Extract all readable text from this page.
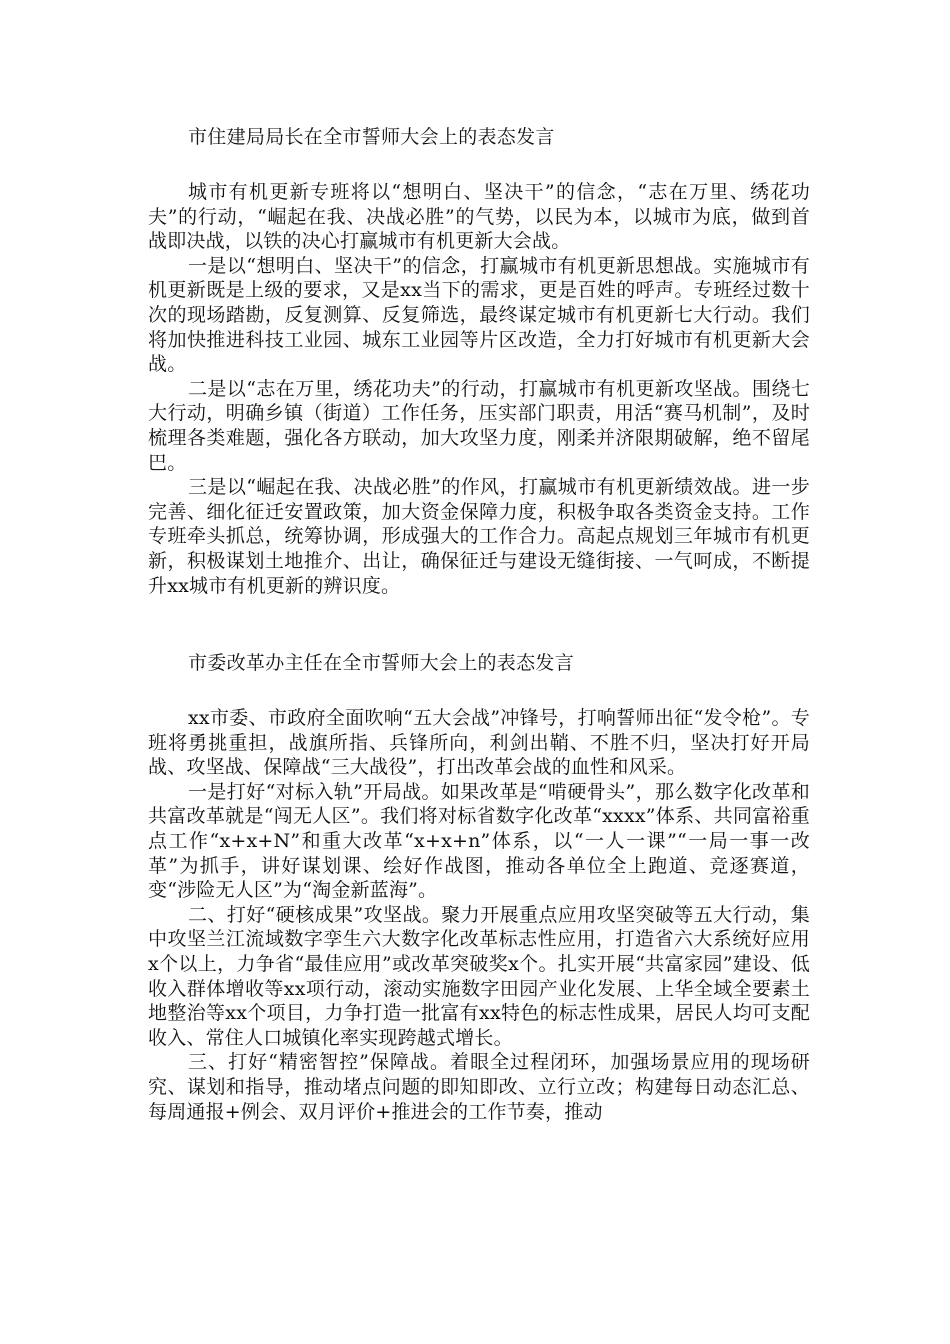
市住建局局长在全市誓师大会上的表态发言

城市有机更新专班将以“想明白、坚决干”的信念，“志在万里、绣花功夫”的行动，“崛起在我、决战必胜”的气势，以民为本，以城市为底，做到首战即决战，以铁的决心打赢城市有机更新大会战。

一是以“想明白、坚决干”的信念，打赢城市有机更新思想战。实施城市有机更新既是上级的要求，又是xx当下的需求，更是百姓的呼声。专班经过数十次的现场踏勘，反复测算、反复筛选，最终谋定城市有机更新七大行动。我们将加快推进科技工业园、城东工业园等片区改造，全力打好城市有机更新大会战。

二是以“志在万里，绣花功夫”的行动，打赢城市有机更新攻坚战。围绕七大行动，明确乡镇（街道）工作任务，压实部门职责，用活“赛马机制”，及时梳理各类难题，强化各方联动，加大攻坚力度，刚柔并济限期破解，绝不留尾巴。

三是以“崛起在我、决战必胜”的作风，打赢城市有机更新绩效战。进一步完善、细化征迁安置政策，加大资金保障力度，积极争取各类资金支持。工作专班牵头抓总，统筹协调，形成强大的工作合力。高起点规划三年城市有机更新，积极谋划土地推介、出让，确保征迁与建设无缝街接、一气呵成，不断提升xx城市有机更新的辨识度。

市委改革办主任在全市誓师大会上的表态发言

xx市委、市政府全面吹响“五大会战”冲锋号，打响誓师出征“发令枪”。专班将勇挑重担，战旗所指、兵锋所向，利剑出鞘、不胜不归，坚决打好开局战、攻坚战、保障战“三大战役”，打出改革会战的血性和风采。

一是打好“对标入轨”开局战。如果改革是“啃硬骨头”，那么数字化改革和共富改革就是“闯无人区”。我们将对标省数字化改革“xxxx”体系、共同富裕重点工作“x+x+N”和重大改革“x+x+n”体系，以“一人一课”“一局一事一改革”为抓手，讲好谋划课、绘好作战图，推动各单位全上跑道、竞逐赛道，变“涉险无人区”为“淘金新蓝海”。

二、打好“硬核成果”攻坚战。聚力开展重点应用攻坚突破等五大行动，集中攻坚兰江流域数字孪生六大数字化改革标志性应用，打造省六大系统好应用x个以上，力争省“最佳应用”或改革突破奖x个。扎实开展“共富家园”建设、低收入群体增收等xx项行动，滚动实施数字田园产业化发展、上华全域全要素土地整治等xx个项目，力争打造一批富有xx特色的标志性成果，居民人均可支配收入、常住人口城镇化率实现跨越式增长。

三、打好“精密智控”保障战。着眼全过程闭环，加强场景应用的现场研究、谋划和指导，推动堵点问题的即知即改、立行立改；构建每日动态汇总、每周通报+例会、双月评价+推进会的工作节奏，推动
